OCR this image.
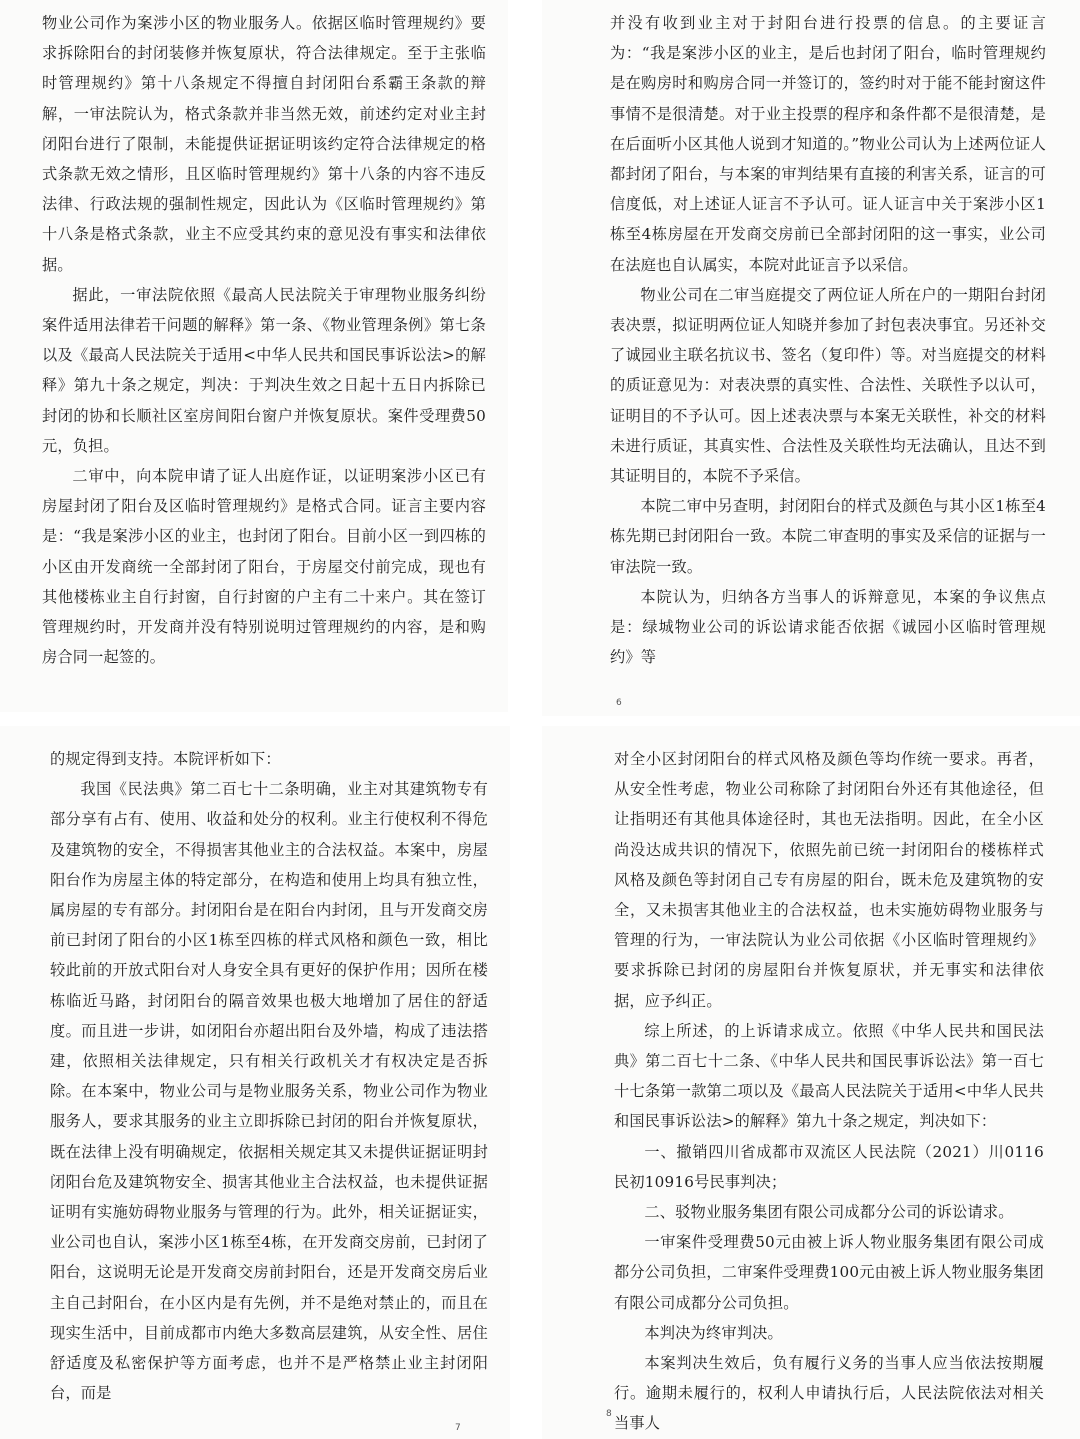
物业公司作为案涉小区的物业服务人。依据区临时管理规约》要求拆除阳台的封闭装修并恢复原状，符合法律规定。至于主张临时管理规约》第十八条规定不得擅自封闭阳台系霸王条款的辩解，一审法院认为，格式条款并非当然无效，前述约定对业主封闭阳台进行了限制，未能提供证据证明该约定符合法律规定的格式条款无效之情形，且区临时管理规约》第十八条的内容不违反法律、行政法规的强制性规定，因此认为《区临时管理规约》第十八条是格式条款，业主不应受其约束的意见没有事实和法律依据。

据此，一审法院依照《最高人民法院关于审理物业服务纠纷案件适用法律若干问题的解释》第一条、《物业管理条例》第七条以及《最高人民法院关于适用<中华人民共和国民事诉讼法>的解释》第九十条之规定，判决：于判决生效之日起十五日内拆除已封闭的协和长顺社区室房间阳台窗户并恢复原状。案件受理费50元，负担。

二审中，向本院申请了证人出庭作证，以证明案涉小区已有房屋封闭了阳台及区临时管理规约》是格式合同。证言主要内容是：“我是案涉小区的业主，也封闭了阳台。目前小区一到四栋的小区由开发商统一全部封闭了阳台，于房屋交付前完成，现也有其他楼栋业主自行封窗，自行封窗的户主有二十来户。其在签订管理规约时，开发商并没有特别说明过管理规约的内容，是和购房合同一起签的。

并没有收到业主对于封阳台进行投票的信息。的主要证言为：“我是案涉小区的业主，是后也封闭了阳台，临时管理规约是在购房时和购房合同一并签订的，签约时对于能不能封窗这件事情不是很清楚。对于业主投票的程序和条件都不是很清楚，是在后面听小区其他人说到才知道的。”物业公司认为上述两位证人都封闭了阳台，与本案的审判结果有直接的利害关系，证言的可信度低，对上述证人证言不予认可。证人证言中关于案涉小区1栋至4栋房屋在开发商交房前已全部封闭阳的这一事实，业公司在法庭也自认属实，本院对此证言予以采信。

物业公司在二审当庭提交了两位证人所在户的一期阳台封闭表决票，拟证明两位证人知晓并参加了封包表决事宜。另还补交了诚园业主联名抗议书、签名（复印件）等。对当庭提交的材料的质证意见为：对表决票的真实性、合法性、关联性予以认可，证明目的不予认可。因上述表决票与本案无关联性，补交的材料未进行质证，其真实性、合法性及关联性均无法确认，且达不到其证明目的，本院不予采信。

本院二审中另查明，封闭阳台的样式及颜色与其小区1栋至4栋先期已封闭阳台一致。本院二审查明的事实及采信的证据与一审法院一致。

本院认为，归纳各方当事人的诉辩意见，本案的争议焦点是：绿城物业公司的诉讼请求能否依据《诚园小区临时管理规约》等

6

的规定得到支持。本院评析如下：

我国《民法典》第二百七十二条明确，业主对其建筑物专有部分享有占有、使用、收益和处分的权利。业主行使权利不得危及建筑物的安全，不得损害其他业主的合法权益。本案中，房屋阳台作为房屋主体的特定部分，在构造和使用上均具有独立性，属房屋的专有部分。封闭阳台是在阳台内封闭，且与开发商交房前已封闭了阳台的小区1栋至四栋的样式风格和颜色一致，相比较此前的开放式阳台对人身安全具有更好的保护作用；因所在楼栋临近马路，封闭阳台的隔音效果也极大地增加了居住的舒适度。而且进一步讲，如闭阳台亦超出阳台及外墙，构成了违法搭建，依照相关法律规定，只有相关行政机关才有权决定是否拆除。在本案中，物业公司与是物业服务关系，物业公司作为物业服务人，要求其服务的业主立即拆除已封闭的阳台并恢复原状，既在法律上没有明确规定，依据相关规定其又未提供证据证明封闭阳台危及建筑物安全、损害其他业主合法权益，也未提供证据证明有实施妨碍物业服务与管理的行为。此外，相关证据证实，业公司也自认，案涉小区1栋至4栋，在开发商交房前，已封闭了阳台，这说明无论是开发商交房前封阳台，还是开发商交房后业主自己封阳台，在小区内是有先例，并不是绝对禁止的，而且在现实生活中，目前成都市内绝大多数高层建筑，从安全性、居住舒适度及私密保护等方面考虑，也并不是严格禁止业主封闭阳台，而是

7

对全小区封闭阳台的样式风格及颜色等均作统一要求。再者，从安全性考虑，物业公司称除了封闭阳台外还有其他途径，但让指明还有其他具体途径时，其也无法指明。因此，在全小区尚没达成共识的情况下，依照先前已统一封闭阳台的楼栋样式风格及颜色等封闭自己专有房屋的阳台，既未危及建筑物的安全，又未损害其他业主的合法权益，也未实施妨碍物业服务与管理的行为，一审法院认为业公司依据《小区临时管理规约》要求拆除已封闭的房屋阳台并恢复原状，并无事实和法律依据，应予纠正。

综上所述，的上诉请求成立。依照《中华人民共和国民法典》第二百七十二条、《中华人民共和国民事诉讼法》第一百七十七条第一款第二项以及《最高人民法院关于适用<中华人民共和国民事诉讼法>的解释》第九十条之规定，判决如下：

一、撤销四川省成都市双流区人民法院（2021）川0116民初10916号民事判决；

二、驳物业服务集团有限公司成都分公司的诉讼请求。

一审案件受理费50元由被上诉人物业服务集团有限公司成都分公司负担，二审案件受理费100元由被上诉人物业服务集团有限公司成都分公司负担。

本判决为终审判决。

本案判决生效后，负有履行义务的当事人应当依法按期履行。逾期未履行的，权利人申请执行后，人民法院依法对相关当事人

8
